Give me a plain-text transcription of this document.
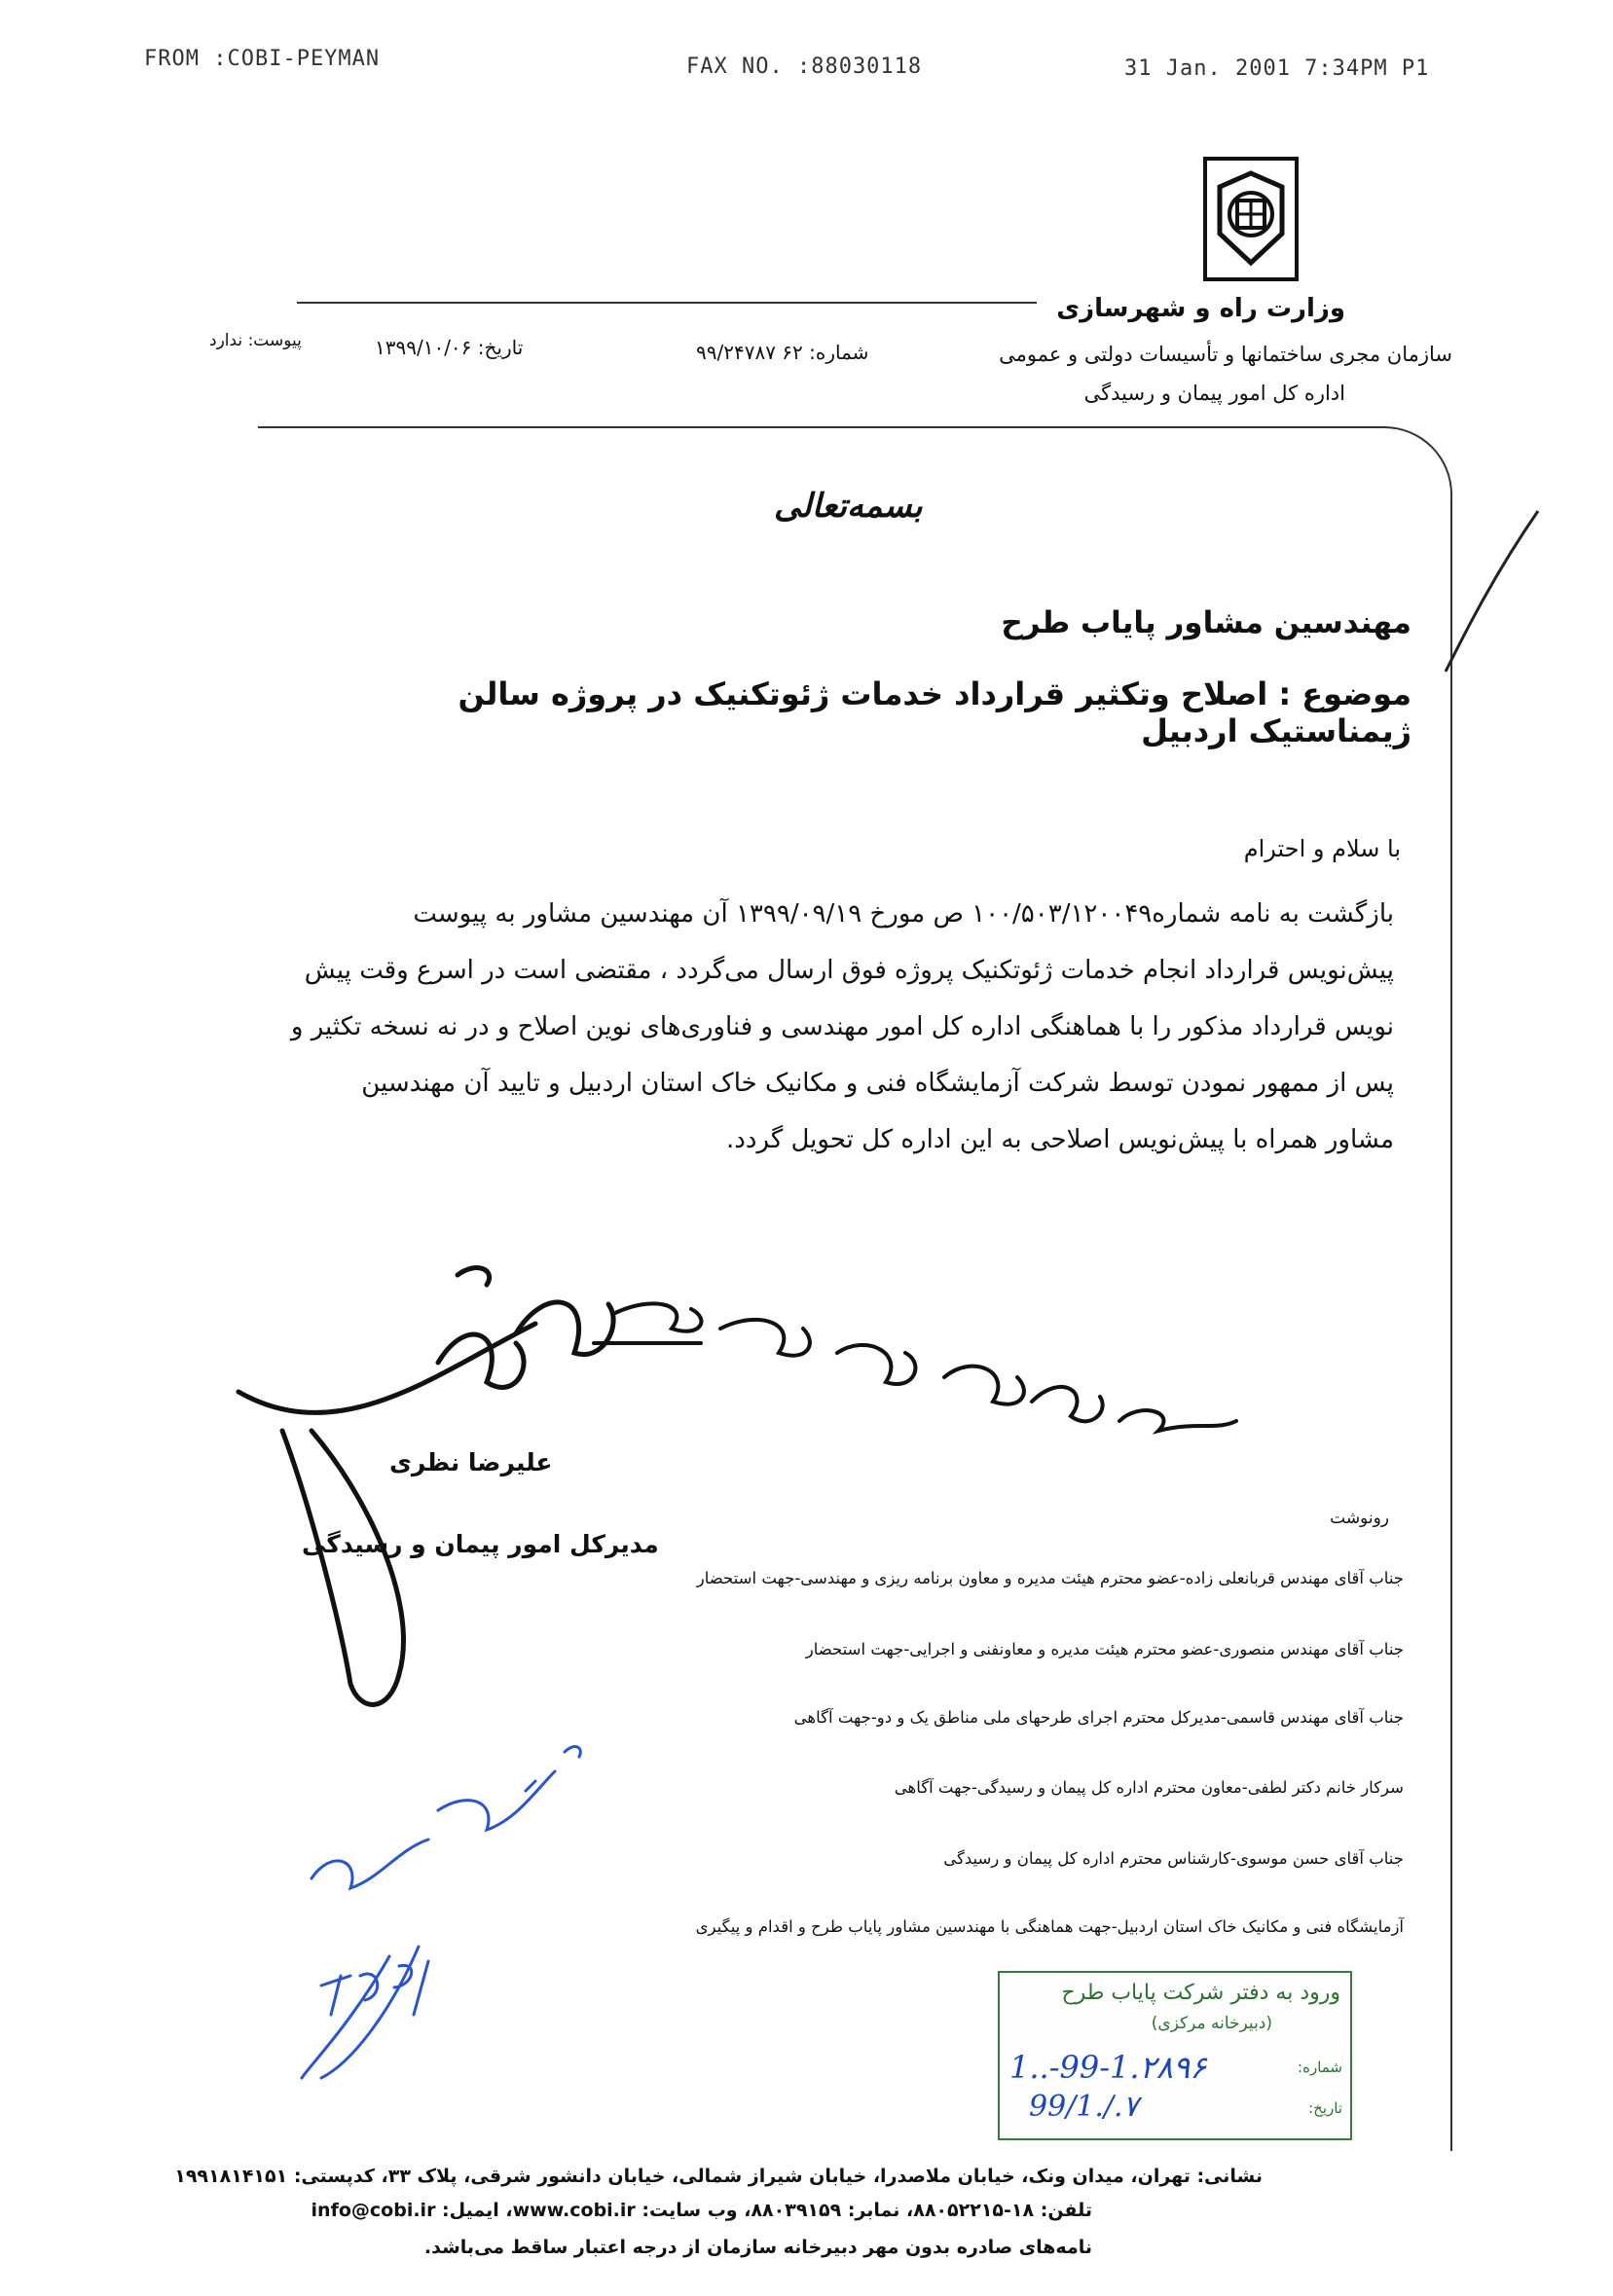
FROM :COBI-PEYMAN	FAX NO. :88030118	31 Jan. 2001 7:34PM P1
وزارت راه و شهرسازی
سازمان مجری ساختمانها و تأسیسات دولتی و عمومی
اداره کل امور پیمان و رسیدگی
شماره: ۶۲ ۹۹/۲۴۷۸۷
تاریخ: ۱۳۹۹/۱۰/۰۶
پیوست: ندارد
بسمه‌تعالی
مهندسین مشاور پایاب طرح
موضوع : اصلاح وتکثیر قرارداد خدمات ژئوتکنیک در پروژه سالن ژیمناستیک اردبیل
با سلام و احترام

بازگشت به نامه شماره۱۰۰/۵۰۳/۱۲۰۰۴۹ ص مورخ ۱۳۹۹/۰۹/۱۹ آن مهندسین مشاور به پیوست

پیش‌نویس قرارداد انجام خدمات ژئوتکنیک پروژه فوق ارسال می‌گردد ، مقتضی است در اسرع وقت پیش

نویس قرارداد مذکور را با هماهنگی اداره کل امور مهندسی و فناوری‌های نوین اصلاح و در نه نسخه تکثیر و

پس از ممهور نمودن توسط شرکت آزمایشگاه فنی و مکانیک خاک استان اردبیل و تایید آن مهندسین

مشاور همراه با پیش‌نویس اصلاحی به این اداره کل تحویل گردد.

علیرضا نظری
مدیرکل امور پیمان و رسیدگی
رونوشت
جناب آقای مهندس قربانعلی زاده-عضو محترم هیئت مدیره و معاون برنامه ریزی و مهندسی-جهت استحضار
جناب آقای مهندس منصوری-عضو محترم هیئت مدیره و معاونفنی و اجرایی-جهت استحضار
جناب آقای مهندس قاسمی-مدیرکل محترم اجرای طرحهای ملی مناطق یک و دو-جهت آگاهی
سرکار خانم دکتر لطفی-معاون محترم اداره کل پیمان و رسیدگی-جهت آگاهی
جناب آقای حسن موسوی-کارشناس محترم اداره کل پیمان و رسیدگی
آزمایشگاه فنی و مکانیک خاک استان اردبیل-جهت هماهنگی با مهندسین مشاور پایاب طرح و اقدام و پیگیری
ورود به دفتر شرکت پایاب طرح
(دبیرخانه مرکزی)
شماره:
تاریخ:
1..-99-1.۲۸۹۶
99/1./.۷
نشانی: تهران، میدان ونک، خیابان ملاصدرا، خیابان شیراز شمالی، خیابان دانشور شرقی، پلاک ۳۳، کدپستی: ۱۹۹۱۸۱۴۱۵۱
تلفن: ۱۸-۸۸۰۵۲۲۱۵، نمابر: ۸۸۰۳۹۱۵۹، وب سایت: www.cobi.ir، ایمیل: info@cobi.ir
نامه‌های صادره بدون مهر دبیرخانه سازمان از درجه اعتبار ساقط می‌باشد.
